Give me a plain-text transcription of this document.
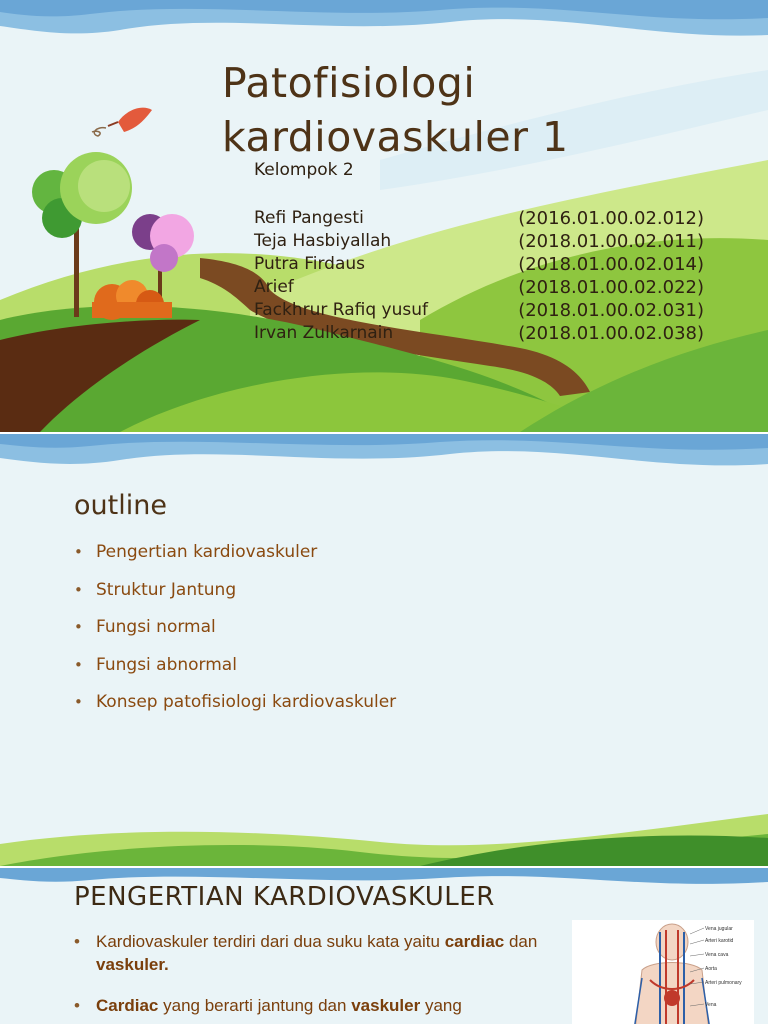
Patofisiologi
kardiovaskuler 1
Kelompok 2
Refi Pangesti	(2016.01.00.02.012)
Teja Hasbiyallah	(2018.01.00.02.011)
Putra Firdaus	(2018.01.00.02.014)
Arief	(2018.01.00.02.022)
Fackhrur Rafiq yusuf	(2018.01.00.02.031)
Irvan Zulkarnain	(2018.01.00.02.038)
outline
• Pengertian kardiovaskuler
• Struktur Jantung
• Fungsi normal
• Fungsi abnormal
• Konsep patofisiologi kardiovaskuler
PENGERTIAN KARDIOVASKULER
• Kardiovaskuler terdiri dari dua suku kata yaitu cardiac dan vaskuler.
• Cardiac yang berarti jantung dan vaskuler yang
Vena jugular
Arteri karotid
Vena cava
Aorta
Arteri pulmonary
Vena
